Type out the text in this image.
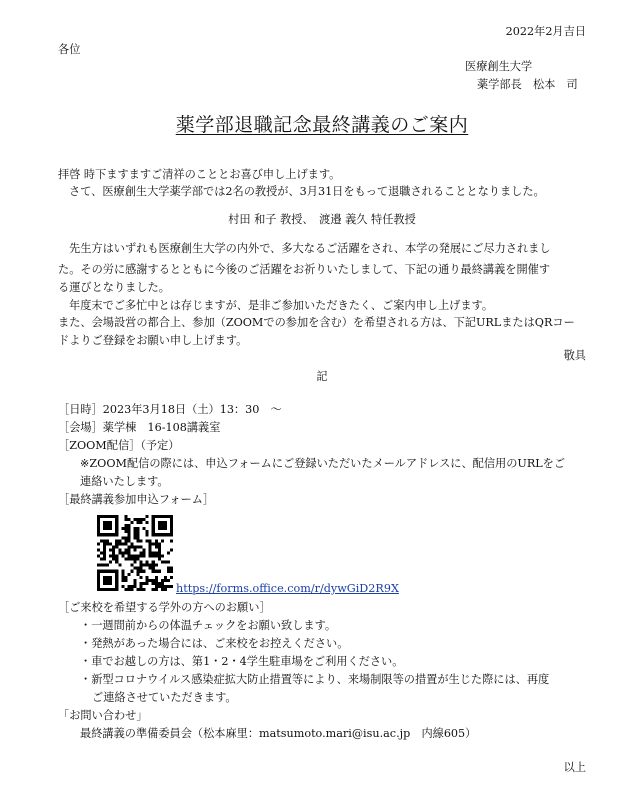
2022年2月吉日
各位
医療創生大学
薬学部長　松本　司
薬学部退職記念最終講義のご案内
拝啓 時下ますますご清祥のこととお喜び申し上げます。
さて、医療創生大学薬学部では2名の教授が、3月31日をもって退職されることとなりました。
村田 和子 教授、　渡邉 義久 特任教授
先生方はいずれも医療創生大学の内外で、多大なるご活躍をされ、本学の発展にご尽力されまし
た。その労に感謝するとともに今後のご活躍をお祈りいたしまして、下記の通り最終講義を開催す
る運びとなりました。
年度末でご多忙中とは存じますが、是非ご参加いただきたく、ご案内申し上げます。
また、会場設営の都合上、参加（ZOOMでの参加を含む）を希望される方は、下記URLまたはQRコー
ドよりご登録をお願い申し上げます。
敬具
記
［日時］2023年3月18日（土）13：30　～
［会場］薬学棟　16-108講義室
［ZOOM配信］（予定）
※ZOOM配信の際には、申込フォームにご登録いただいたメールアドレスに、配信用のURLをご
連絡いたします。
［最終講義参加申込フォーム］
https://forms.office.com/r/dywGiD2R9X
［ご来校を希望する学外の方へのお願い］
・一週間前からの体温チェックをお願い致します。
・発熱があった場合には、ご来校をお控えください。
・車でお越しの方は、第1・2・4学生駐車場をご利用ください。
・新型コロナウイルス感染症拡大防止措置等により、来場制限等の措置が生じた際には、再度
ご連絡させていただきます。
「お問い合わせ」
最終講義の準備委員会（松本麻里：matsumoto.mari@isu.ac.jp　内線605）
以上
